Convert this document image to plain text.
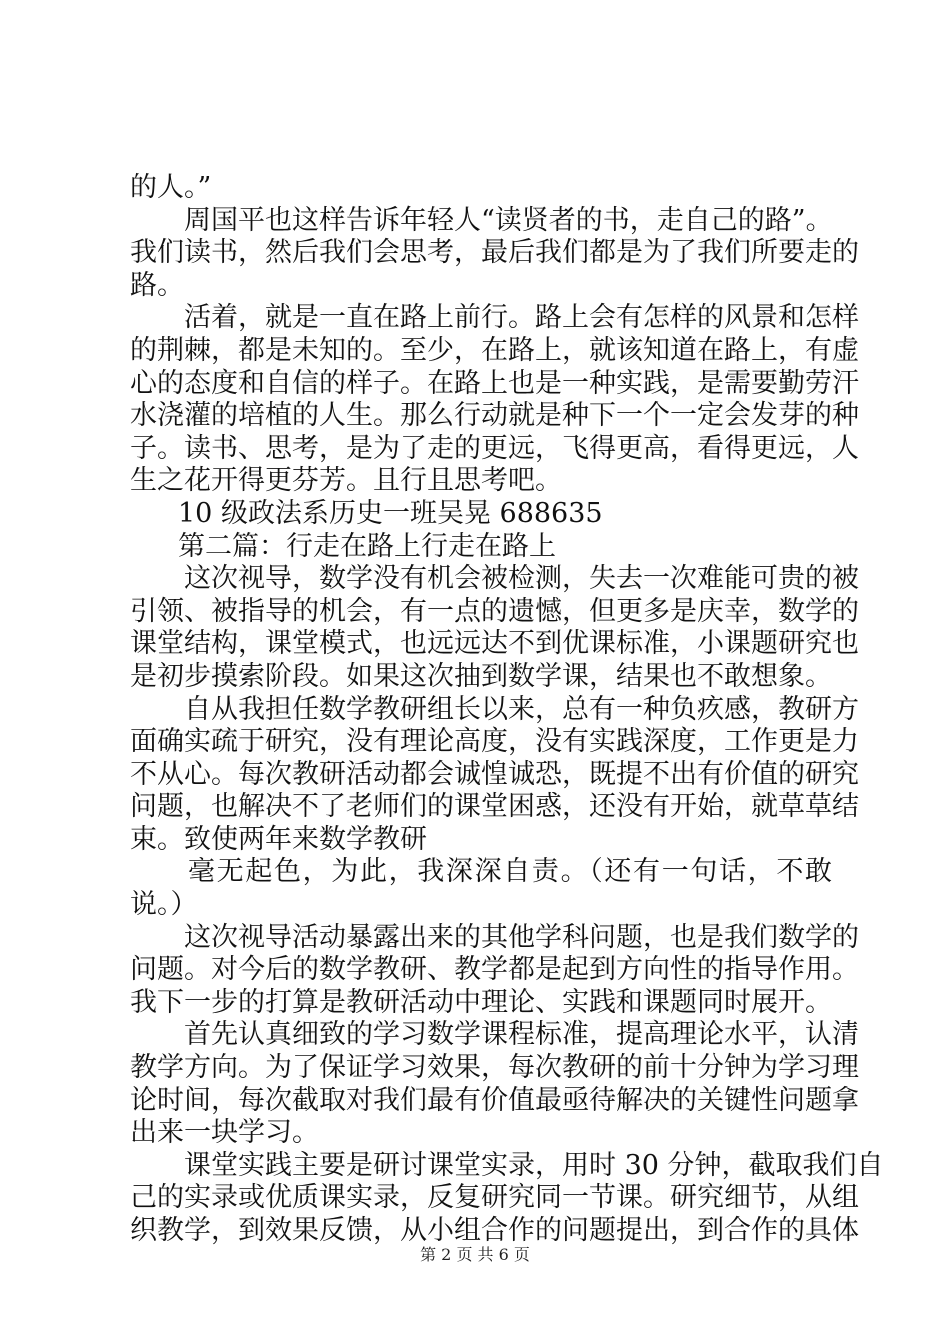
的人。”
周国平也这样告诉年轻人“读贤者的书，走自己的路”。
我们读书，然后我们会思考，最后我们都是为了我们所要走的
路。
活着，就是一直在路上前行。路上会有怎样的风景和怎样
的荆棘，都是未知的。至少，在路上，就该知道在路上，有虚
心的态度和自信的样子。在路上也是一种实践，是需要勤劳汗
水浇灌的培植的人生。那么行动就是种下一个一定会发芽的种
子。读书、思考，是为了走的更远，飞得更高，看得更远，人
生之花开得更芬芳。且行且思考吧。
10 级政法系历史一班吴晃 688635
第二篇：行走在路上行走在路上
这次视导，数学没有机会被检测，失去一次难能可贵的被
引领、被指导的机会，有一点的遗憾，但更多是庆幸，数学的
课堂结构，课堂模式，也远远达不到优课标准，小课题研究也
是初步摸索阶段。如果这次抽到数学课，结果也不敢想象。
自从我担任数学教研组长以来，总有一种负疚感，教研方
面确实疏于研究，没有理论高度，没有实践深度，工作更是力
不从心。每次教研活动都会诚惶诚恐，既提不出有价值的研究
问题，也解决不了老师们的课堂困惑，还没有开始，就草草结
束。致使两年来数学教研
毫无起色，为此，我深深自责。（还有一句话，不敢
说。）
这次视导活动暴露出来的其他学科问题，也是我们数学的
问题。对今后的数学教研、教学都是起到方向性的指导作用。
我下一步的打算是教研活动中理论、实践和课题同时展开。
首先认真细致的学习数学课程标准，提高理论水平，认清
教学方向。为了保证学习效果，每次教研的前十分钟为学习理
论时间，每次截取对我们最有价值最亟待解决的关键性问题拿
出来一块学习。
课堂实践主要是研讨课堂实录，用时 30 分钟，截取我们自
己的实录或优质课实录，反复研究同一节课。研究细节，从组
织教学，到效果反馈，从小组合作的问题提出，到合作的具体
第 2 页 共 6 页
